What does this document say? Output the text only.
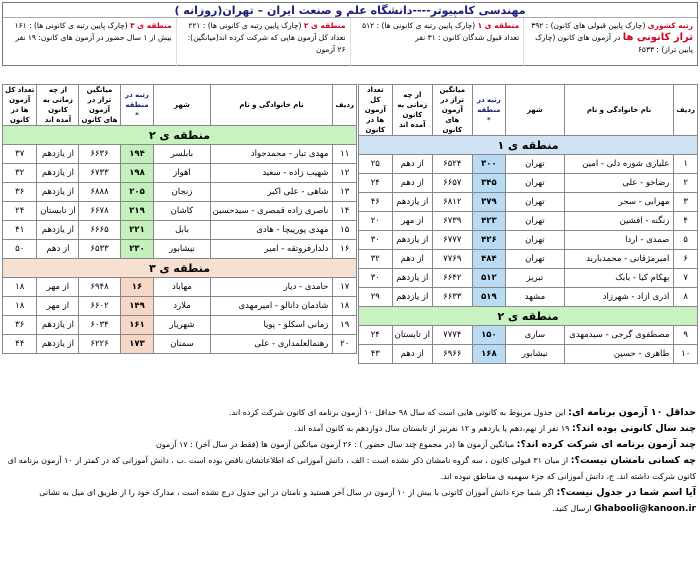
مهندسی کامپیوتر----دانشگاه علم و صنعت ایران – تهران(روزانه )
رتبه کشوری (چارک پایین قبولی های کانون) : ۳۹۲
تراز کانونی ها در آزمون های کانون (چارک پایین تراز) : ۶۵۳۳
منطقه ی ۱ (چارک پایین رتبه ی کانونی ها) : ۵۱۲
تعداد قبول شدگان کانون : ۳۱ نفر
منطقه ی ۲ (چارک پایین رتبه ی کانونی ها) : ۲۲۱
تعداد کل آزمون هایی که شرکت کرده اند(میانگین): ۲۶ آزمون
منطقه ی ۳ (چارک پایین رتبه ی کانونی ها) : ۱۶۱
بیش از ۱ سال حضور در آزمون های کانون: ۱۹ نفر
ردیف	نام خانوادگی و نام	شهر	رتبه در منطقه *	میانگین تراز در آزمون های کانون	از چه زمانی به کانون آمده اند	تعداد کل آزمون ها در کانون
منطقه ی ۱						
۱	علیاری شوره دلی - امین	تهران	۳۰۰	۶۵۲۴	از دهم	۲۵
۲	رضاخو - علی	تهران	۳۴۵	۶۶۵۷	از دهم	۲۴
۳	مهرابی - سحر	تهران	۳۷۹	۶۸۱۲	از یازدهم	۴۶
۴	زنگنه - افشین	تهران	۴۲۳	۶۷۳۹	از مهر	۲۰
۵	صمدی - اردا	تهران	۴۲۶	۶۷۷۷	از یازدهم	۳۰
۶	امیرمژقانی - محمدباربد	تهران	۴۸۴	۷۷۶۹	از دهم	۳۲
۷	بهکام کیا - بابک	تبریز	۵۱۲	۶۶۴۲	از یازدهم	۳۰
۸	اذری ازاد - شهرزاد	مشهد	۵۱۹	۶۶۳۳	از یازدهم	۲۹
منطقه ی ۲						
۹	مصطفوی گرجی - سیدمهدی	ساری	۱۵۰	۷۷۷۴	از تابستان	۲۴
۱۰	طاهری - حسین	نیشابور	۱۶۸	۶۹۶۶	از دهم	۴۳
ردیف	نام خانوادگی و نام	شهر	رتبه در منطقه *	میانگین تراز در آزمون های کانون	از چه زمانی به کانون آمده اند	تعداد کل آزمون ها در کانون
منطقه ی ۲						
۱۱	مهدی تبار - محمدجواد	بابلسر	۱۹۴	۶۶۳۶	از یازدهم	۳۷
۱۲	شهیب زاده - سعید	اهواز	۱۹۸	۶۷۳۳	از یازدهم	۳۲
۱۳	شاهی - علی اکبر	زنجان	۲۰۵	۶۸۸۸	از یازدهم	۳۶
۱۴	ناصری زاده قمصری - سیدحسین	کاشان	۲۱۹	۶۶۷۸	از تابستان	۲۴
۱۵	مهدی پورپیچا - هادی	بابل	۲۲۱	۶۶۶۵	از یازدهم	۴۱
۱۶	دلدارفروتقه - امیر	نیشابور	۲۳۰	۶۵۳۳	از دهم	۵۰
منطقه ی ۳						
۱۷	حامدی - دیار	مهاباد	۱۶	۶۹۴۸	از مهر	۱۸
۱۸	شادمان دانالو - امیرمهدی	ملارد	۱۴۹	۶۶۰۲	از مهر	۱۸
۱۹	زمانی اسکلو - پویا	شهریار	۱۶۱	۶۰۳۴	از یازدهم	۳۶
۲۰	رهنمالعلمداری - علی	سمنان	۱۷۳	۶۲۲۶	از یازدهم	۴۴
حداقل ۱۰ آزمون برنامه ای: این جدول مربوط به کانونی هایی است که سال ۹۸ حداقل ۱۰ آزمون برنامه ای کانون شرکت کرده اند.
چند سال کانونی بوده اند؟: ۱۹ نفر از نهم،دهم یا یازدهم و ۱۲ نفرنیز از تابستان سال دوازدهم به کانون آمده اند.
چند آزمون برنامه ای شرکت کرده اند؟: میانگین آزمون ها (در مجموع چند سال حضور ) : ۲۶ آزمون میانگین آزمون ها (فقط در سال آخر) : ۱۷ آزمون
چه کسانی نامشان نیست؟: از میان ۳۱ قبولی کانون ، سه گروه نامشان ذکر نشده است : الف ، دانش آموزانی که اطلاعاتشان ناقص بوده است .ب ، دانش آموزانی که در کمتر از ۱۰ آزمون برنامه ای
کانون شرکت داشته اند. ج، دانش آموزانی که جزء سهمیه ی مناطق نبوده اند.
آیا اسم شما در جدول نیست؟: اگر شما جزء دانش آموزان کانونی با بیش از ۱۰ آزمون در سال آخر هستید و نامتان در این جدول درج نشده است ، مدارک خود را از طریق ای میل به نشانی
Ghabooli@kanoon.ir ارسال کنید.
